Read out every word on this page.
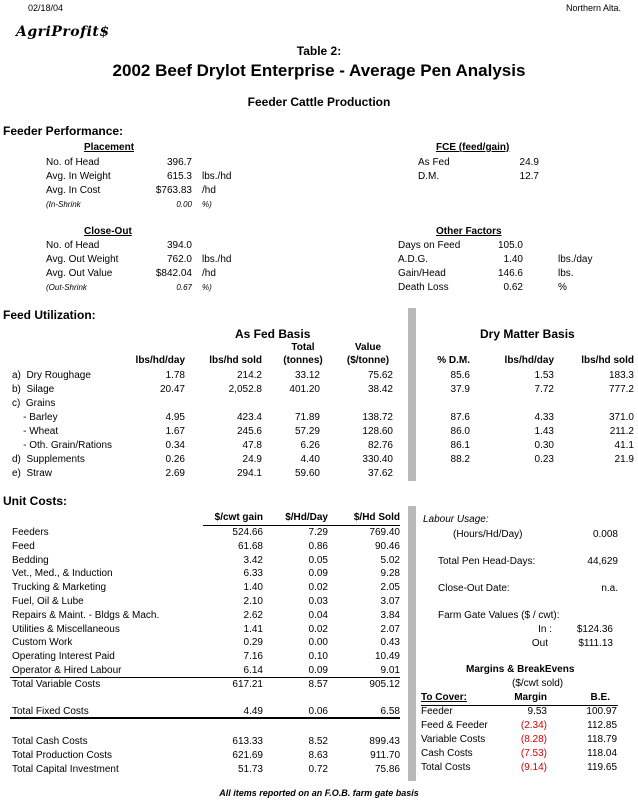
02/18/04	Northern Alta.
AgriProfit$
Table 2:
2002 Beef Drylot Enterprise - Average Pen Analysis
Feeder Cattle Production
Feeder Performance:
Placement
No. of Head	396.7
Avg. In Weight	615.3 lbs./hd
Avg. In Cost	$763.83 /hd
(In-Shrink	0.00 %)
Close-Out
No. of Head	394.0
Avg. Out Weight	762.0 lbs./hd
Avg. Out Value	$842.04 /hd
(Out-Shrink	0.67 %)
FCE (feed/gain)
As Fed	24.9
D.M.	12.7
Other Factors
Days on Feed	105.0
A.D.G.	1.40	lbs./day
Gain/Head	146.6	lbs.
Death Loss	0.62	%
Feed Utilization:
As Fed Basis	Dry Matter Basis
Total
(tonnes)
Value
($/tonne)
lbs/hd/day	lbs/hd sold	% D.M.	lbs/hd/day	lbs/hd sold
a)  Dry Roughage	1.78	214.2	33.12	75.62	85.6	1.53	183.3
b)  Silage	20.47	2,052.8	401.20	38.42	37.9	7.72	777.2
c)  Grains
- Barley	4.95	423.4	71.89	138.72	87.6	4.33	371.0
- Wheat	1.67	245.6	57.29	128.60	86.0	1.43	211.2
- Oth. Grain/Rations	0.34	47.8	6.26	82.76	86.1	0.30	41.1
d)  Supplements	0.26	24.9	4.40	330.40	88.2	0.23	21.9
e)  Straw	2.69	294.1	59.60	37.62
Unit Costs:
$/cwt gain	$/Hd/Day	$/Hd Sold
Feeders	524.66	7.29	769.40
Feed	61.68	0.86	90.46
Bedding	3.42	0.05	5.02
Vet., Med., & Induction	6.33	0.09	9.28
Trucking & Marketing	1.40	0.02	2.05
Fuel, Oil & Lube	2.10	0.03	3.07
Repairs & Maint. - Bldgs & Mach.	2.62	0.04	3.84
Utilities & Miscellaneous	1.41	0.02	2.07
Custom Work	0.29	0.00	0.43
Operating Interest Paid	7.16	0.10	10.49
Operator & Hired Labour	6.14	0.09	9.01
Total Variable Costs	617.21	8.57	905.12
Total Fixed Costs	4.49	0.06	6.58
Total Cash Costs	613.33	8.52	899.43
Total Production Costs	621.69	8.63	911.70
Total Capital Investment	51.73	0.72	75.86
Labour Usage:
(Hours/Hd/Day)	0.008
Total Pen Head-Days:	44,629
Close-Out Date:	n.a.
Farm Gate Values ($ / cwt):
In :	$124.36
Out	$111.13
Margins & BreakEvens
($/cwt sold)
To Cover:	Margin	B.E.
Feeder	9.53	100.97
Feed & Feeder	(2.34)	112.85
Variable Costs	(8.28)	118.79
Cash Costs	(7.53)	118.04
Total Costs	(9.14)	119.65
All items reported on an F.O.B. farm gate basis
